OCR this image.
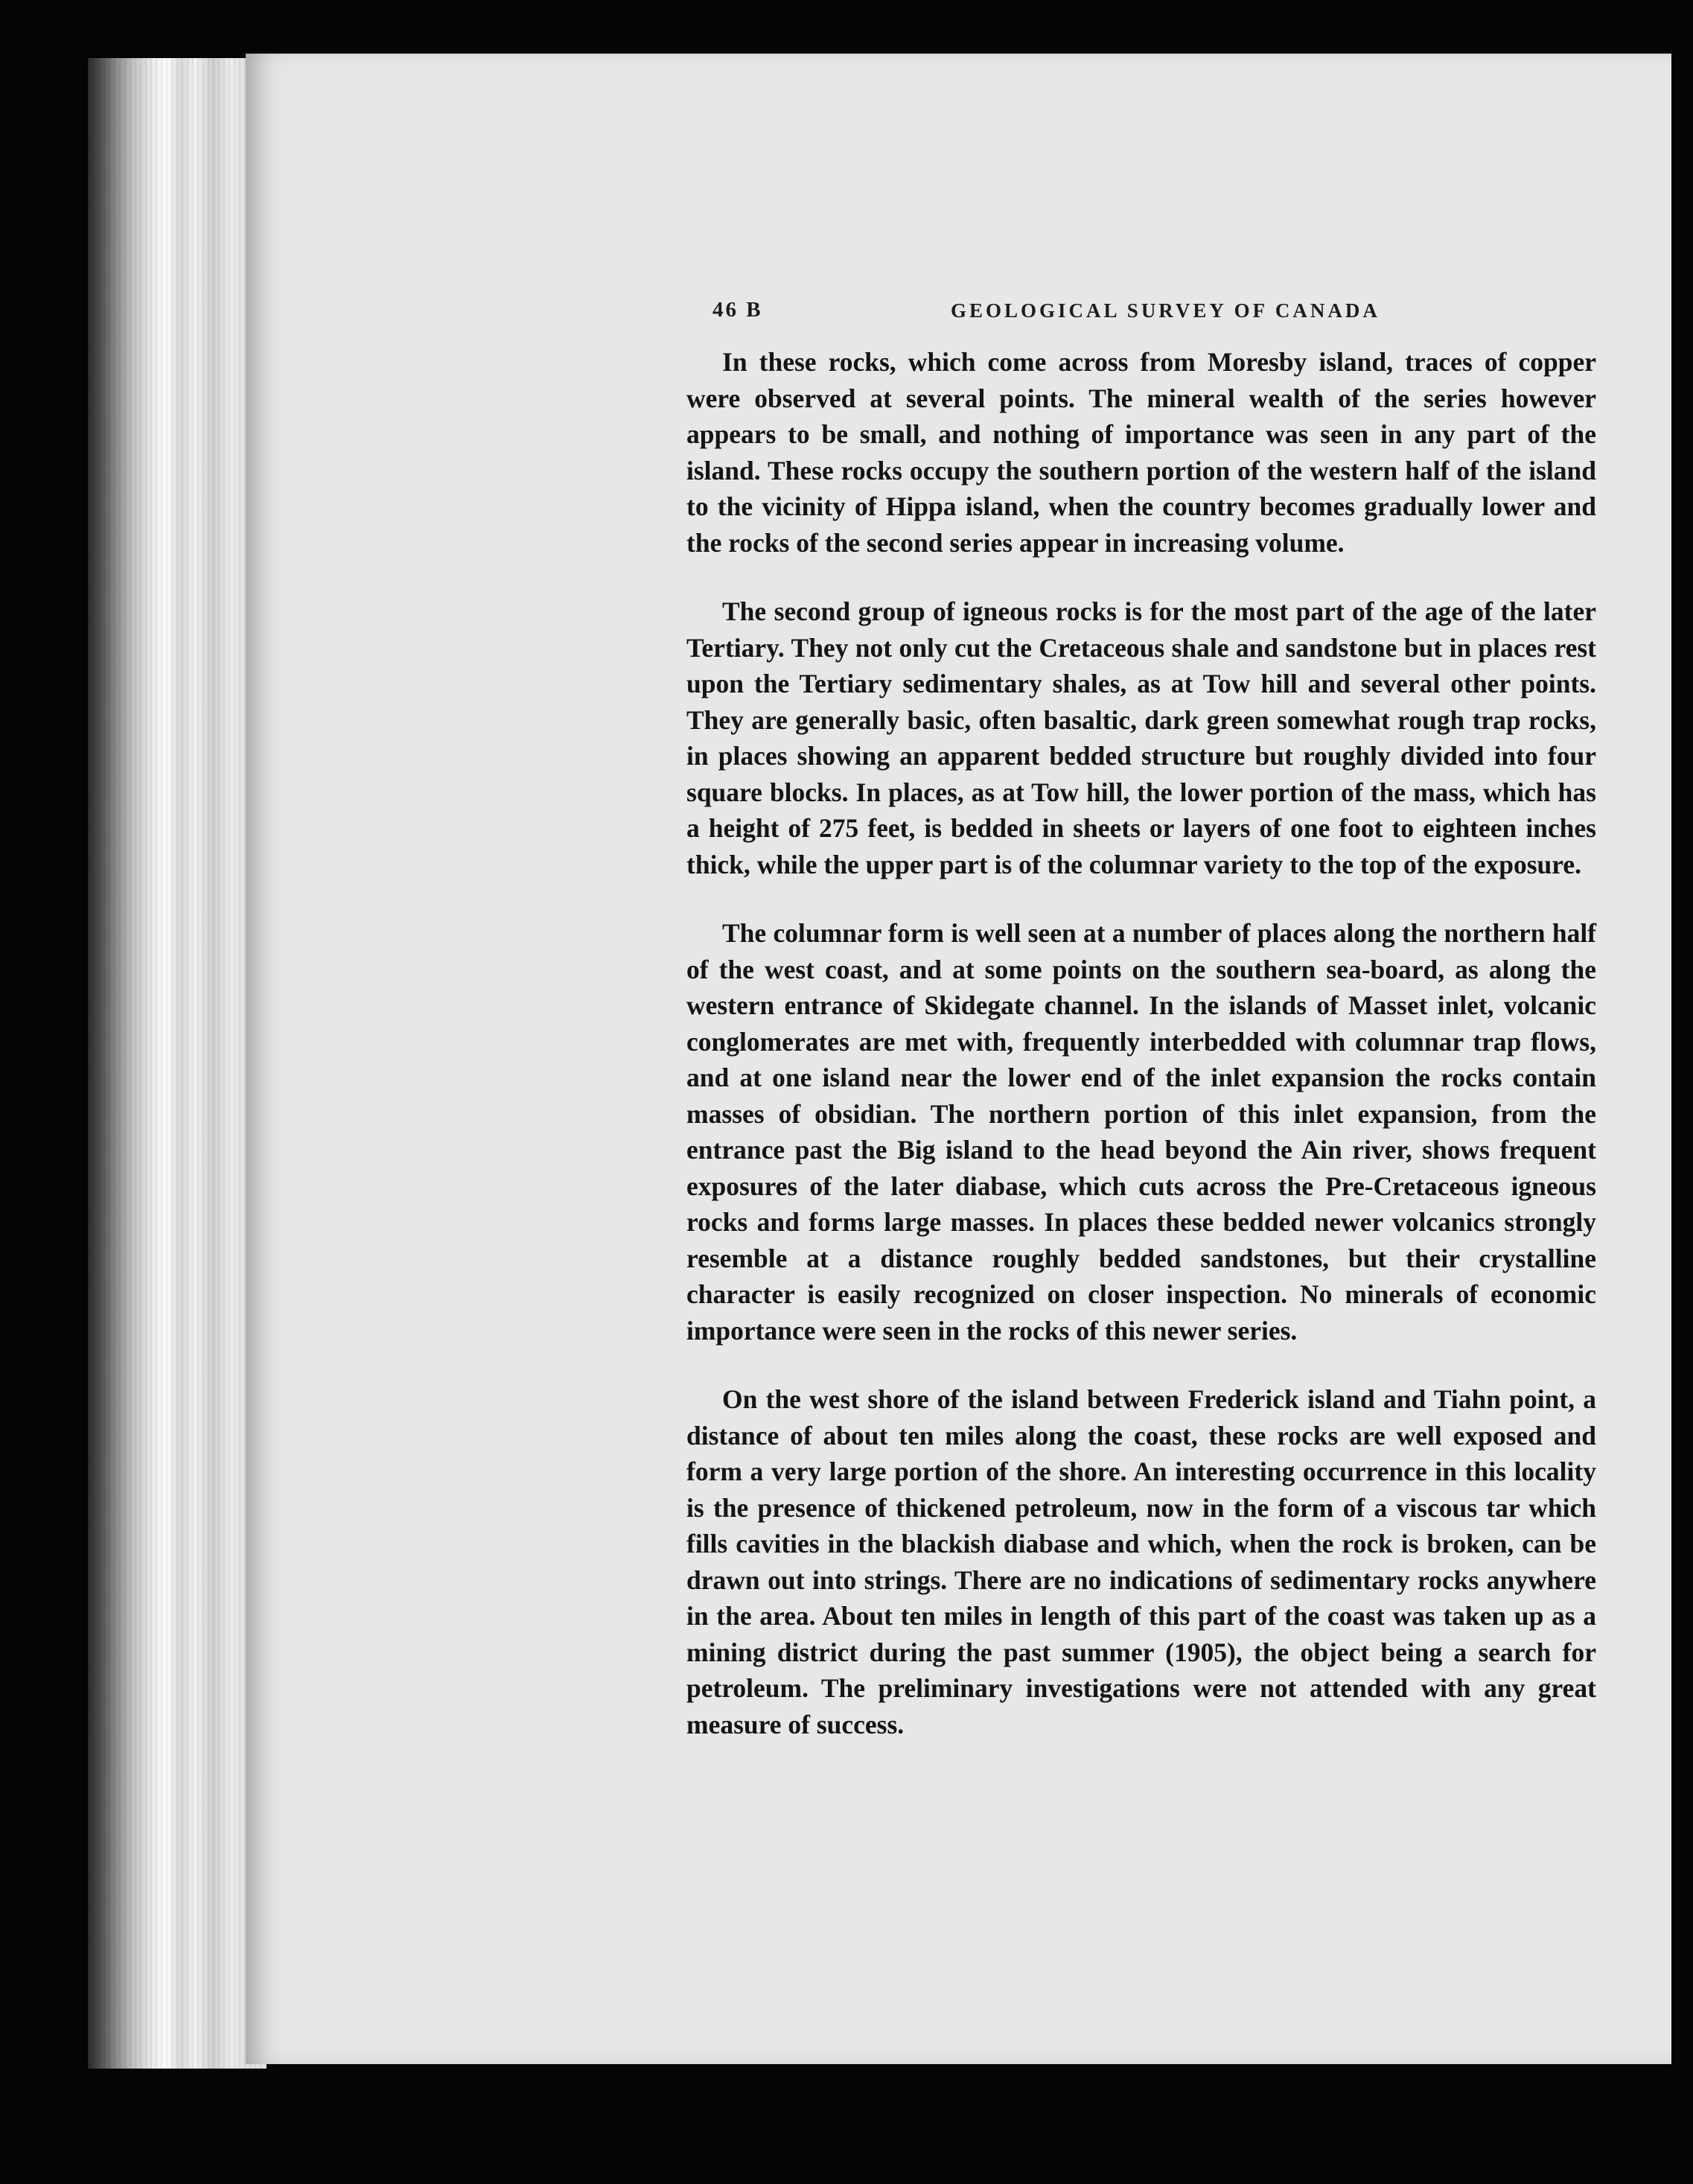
46 B	GEOLOGICAL SURVEY OF CANADA

In these rocks, which come across from Moresby island, traces of copper were observed at several points. The mineral wealth of the series however appears to be small, and nothing of importance was seen in any part of the island. These rocks occupy the southern portion of the western half of the island to the vicinity of Hippa island, when the country becomes gradually lower and the rocks of the second series appear in increasing volume.

The second group of igneous rocks is for the most part of the age of the later Tertiary. They not only cut the Cretaceous shale and sandstone but in places rest upon the Tertiary sedimentary shales, as at Tow hill and several other points. They are generally basic, often basaltic, dark green somewhat rough trap rocks, in places showing an apparent bedded structure but roughly divided into four square blocks. In places, as at Tow hill, the lower portion of the mass, which has a height of 275 feet, is bedded in sheets or layers of one foot to eighteen inches thick, while the upper part is of the columnar variety to the top of the exposure.

The columnar form is well seen at a number of places along the northern half of the west coast, and at some points on the southern sea-board, as along the western entrance of Skidegate channel. In the islands of Masset inlet, volcanic conglomerates are met with, frequently interbedded with columnar trap flows, and at one island near the lower end of the inlet expansion the rocks contain masses of obsidian. The northern portion of this inlet expansion, from the entrance past the Big island to the head beyond the Ain river, shows frequent exposures of the later diabase, which cuts across the Pre-Cretaceous igneous rocks and forms large masses. In places these bedded newer volcanics strongly resemble at a distance roughly bedded sandstones, but their crystalline character is easily recognized on closer inspection. No minerals of economic importance were seen in the rocks of this newer series.

On the west shore of the island between Frederick island and Tiahn point, a distance of about ten miles along the coast, these rocks are well exposed and form a very large portion of the shore. An interesting occurrence in this locality is the presence of thickened petroleum, now in the form of a viscous tar which fills cavities in the blackish diabase and which, when the rock is broken, can be drawn out into strings. There are no indications of sedimentary rocks anywhere in the area. About ten miles in length of this part of the coast was taken up as a mining district during the past summer (1905), the object being a search for petroleum. The preliminary investigations were not attended with any great measure of success.
